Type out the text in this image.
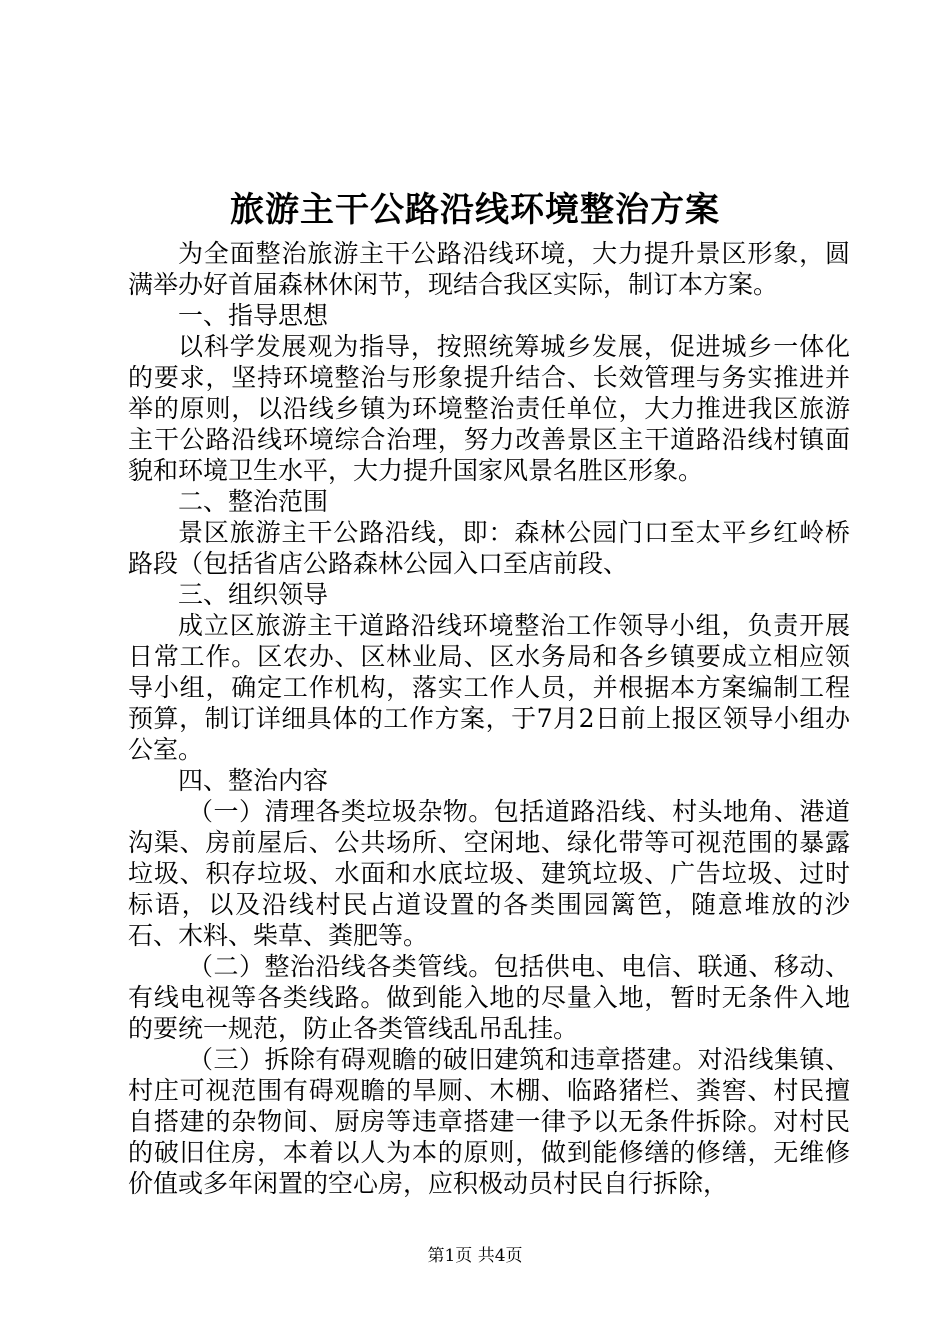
旅游主干公路沿线环境整治方案

为全面整治旅游主干公路沿线环境，大力提升景区形象，圆满举办好首届森林休闲节，现结合我区实际，制订本方案。

一、指导思想

以科学发展观为指导，按照统筹城乡发展，促进城乡一体化的要求，坚持环境整治与形象提升结合、长效管理与务实推进并举的原则，以沿线乡镇为环境整治责任单位，大力推进我区旅游主干公路沿线环境综合治理，努力改善景区主干道路沿线村镇面貌和环境卫生水平，大力提升国家风景名胜区形象。

二、整治范围

景区旅游主干公路沿线，即：森林公园门口至太平乡红岭桥路段（包括省店公路森林公园入口至店前段、

三、组织领导

成立区旅游主干道路沿线环境整治工作领导小组，负责开展日常工作。区农办、区林业局、区水务局和各乡镇要成立相应领导小组，确定工作机构，落实工作人员，并根据本方案编制工程预算，制订详细具体的工作方案，于7月2日前上报区领导小组办公室。

四、整治内容

（一）清理各类垃圾杂物。包括道路沿线、村头地角、港道沟渠、房前屋后、公共场所、空闲地、绿化带等可视范围的暴露垃圾、积存垃圾、水面和水底垃圾、建筑垃圾、广告垃圾、过时标语，以及沿线村民占道设置的各类围园篱笆，随意堆放的沙石、木料、柴草、粪肥等。

（二）整治沿线各类管线。包括供电、电信、联通、移动、有线电视等各类线路。做到能入地的尽量入地，暂时无条件入地的要统一规范，防止各类管线乱吊乱挂。

（三）拆除有碍观瞻的破旧建筑和违章搭建。对沿线集镇、村庄可视范围有碍观瞻的旱厕、木棚、临路猪栏、粪窖、村民擅自搭建的杂物间、厨房等违章搭建一律予以无条件拆除。对村民的破旧住房，本着以人为本的原则，做到能修缮的修缮，无维修价值或多年闲置的空心房，应积极动员村民自行拆除，

第1页 共4页
